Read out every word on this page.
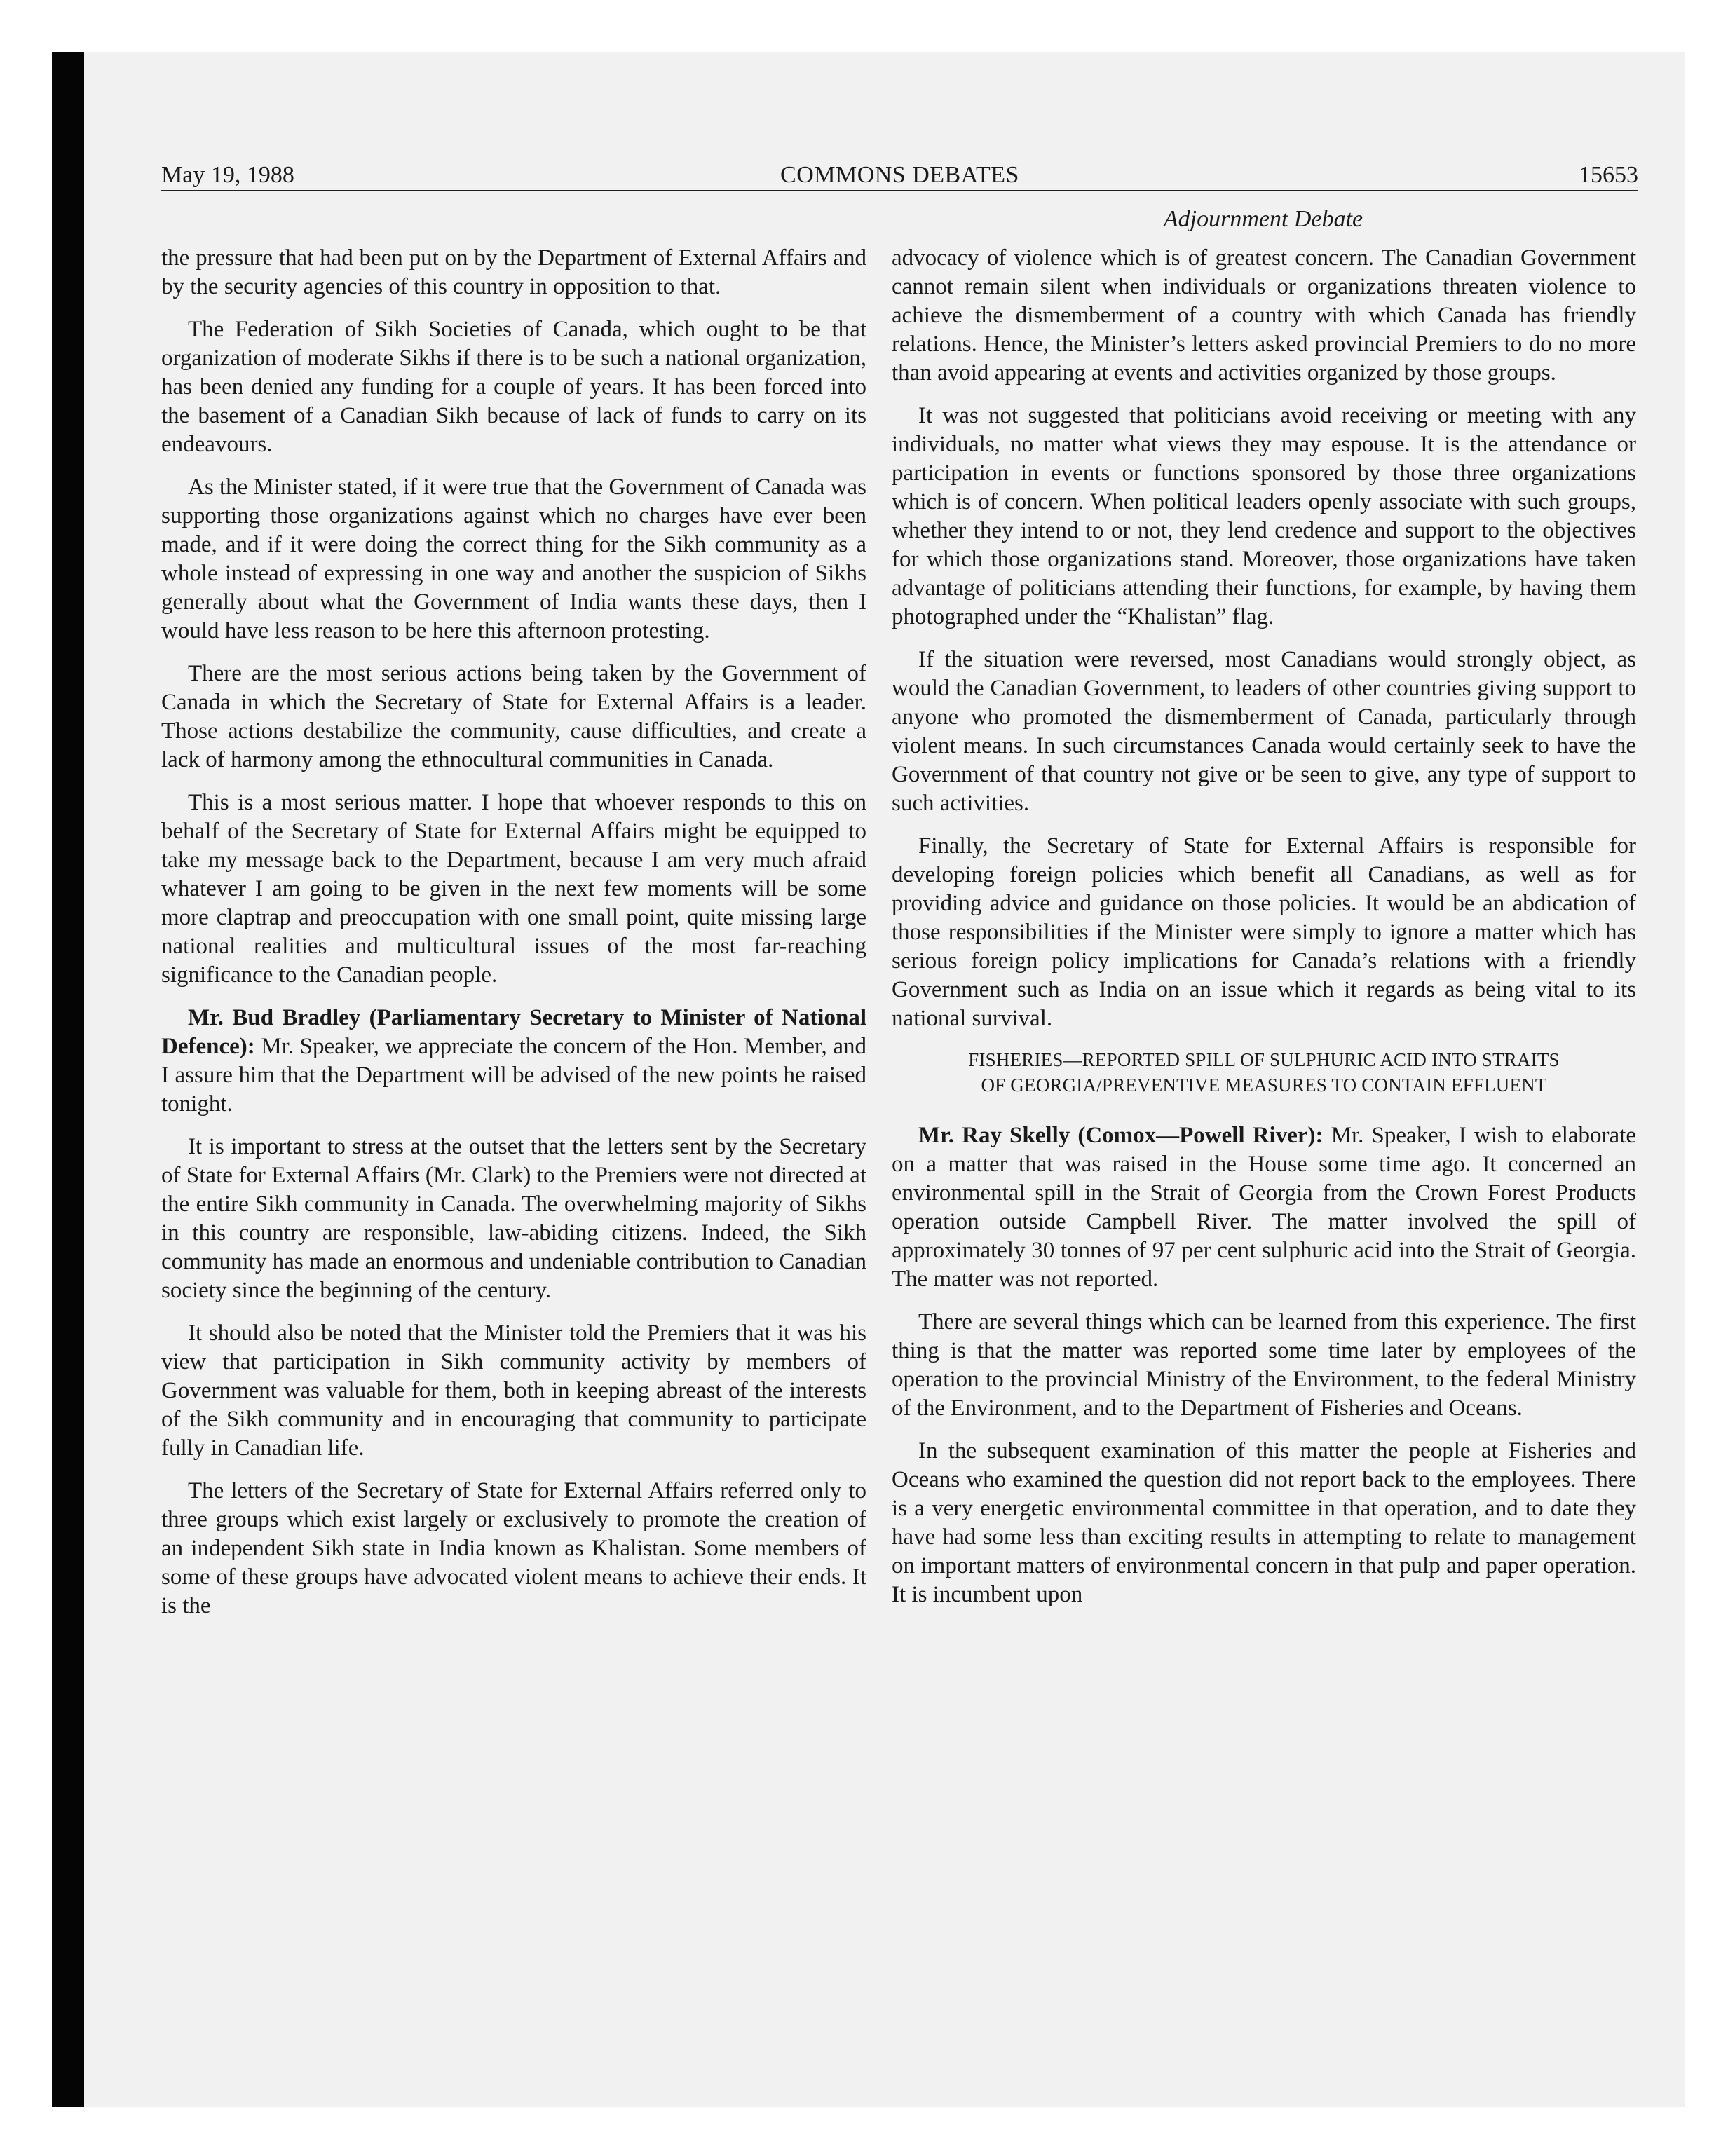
COMMONS DEBATES
May 19, 1988	15653
Adjournment Debate

the pressure that had been put on by the Department of External Affairs and by the security agencies of this country in opposition to that.

The Federation of Sikh Societies of Canada, which ought to be that organization of moderate Sikhs if there is to be such a national organization, has been denied any funding for a couple of years. It has been forced into the basement of a Canadian Sikh because of lack of funds to carry on its endeavours.

As the Minister stated, if it were true that the Government of Canada was supporting those organizations against which no charges have ever been made, and if it were doing the correct thing for the Sikh community as a whole instead of expressing in one way and another the suspicion of Sikhs generally about what the Government of India wants these days, then I would have less reason to be here this afternoon protesting.

There are the most serious actions being taken by the Government of Canada in which the Secretary of State for External Affairs is a leader. Those actions destabilize the community, cause difficulties, and create a lack of harmony among the ethnocultural communities in Canada.

This is a most serious matter. I hope that whoever responds to this on behalf of the Secretary of State for External Affairs might be equipped to take my message back to the Department, because I am very much afraid whatever I am going to be given in the next few moments will be some more claptrap and preoccupation with one small point, quite missing large national realities and multicultural issues of the most far-reaching significance to the Canadian people.

Mr. Bud Bradley (Parliamentary Secretary to Minister of National Defence): Mr. Speaker, we appreciate the concern of the Hon. Member, and I assure him that the Department will be advised of the new points he raised tonight.

It is important to stress at the outset that the letters sent by the Secretary of State for External Affairs (Mr. Clark) to the Premiers were not directed at the entire Sikh community in Canada. The overwhelming majority of Sikhs in this country are responsible, law-abiding citizens. Indeed, the Sikh community has made an enormous and undeniable contribution to Canadian society since the beginning of the century.

It should also be noted that the Minister told the Premiers that it was his view that participation in Sikh community activity by members of Government was valuable for them, both in keeping abreast of the interests of the Sikh community and in encouraging that community to participate fully in Canadian life.

The letters of the Secretary of State for External Affairs referred only to three groups which exist largely or exclusively to promote the creation of an independent Sikh state in India known as Khalistan. Some members of some of these groups have advocated violent means to achieve their ends. It is the

advocacy of violence which is of greatest concern. The Canadian Government cannot remain silent when individuals or organizations threaten violence to achieve the dismemberment of a country with which Canada has friendly relations. Hence, the Minister’s letters asked provincial Premiers to do no more than avoid appearing at events and activities organized by those groups.

It was not suggested that politicians avoid receiving or meeting with any individuals, no matter what views they may espouse. It is the attendance or participation in events or functions sponsored by those three organizations which is of concern. When political leaders openly associate with such groups, whether they intend to or not, they lend credence and support to the objectives for which those organizations stand. Moreover, those organizations have taken advantage of politicians attending their functions, for example, by having them photographed under the “Khalistan” flag.

If the situation were reversed, most Canadians would strongly object, as would the Canadian Government, to leaders of other countries giving support to anyone who promoted the dismemberment of Canada, particularly through violent means. In such circumstances Canada would certainly seek to have the Government of that country not give or be seen to give, any type of support to such activities.

Finally, the Secretary of State for External Affairs is responsible for developing foreign policies which benefit all Canadians, as well as for providing advice and guidance on those policies. It would be an abdication of those responsibilities if the Minister were simply to ignore a matter which has serious foreign policy implications for Canada’s relations with a friendly Government such as India on an issue which it regards as being vital to its national survival.

FISHERIES—REPORTED SPILL OF SULPHURIC ACID INTO STRAITS
OF GEORGIA/PREVENTIVE MEASURES TO CONTAIN EFFLUENT

Mr. Ray Skelly (Comox—Powell River): Mr. Speaker, I wish to elaborate on a matter that was raised in the House some time ago. It concerned an environmental spill in the Strait of Georgia from the Crown Forest Products operation outside Campbell River. The matter involved the spill of approximately 30 tonnes of 97 per cent sulphuric acid into the Strait of Georgia. The matter was not reported.

There are several things which can be learned from this experience. The first thing is that the matter was reported some time later by employees of the operation to the provincial Ministry of the Environment, to the federal Ministry of the Environment, and to the Department of Fisheries and Oceans.

In the subsequent examination of this matter the people at Fisheries and Oceans who examined the question did not report back to the employees. There is a very energetic environmental committee in that operation, and to date they have had some less than exciting results in attempting to relate to management on important matters of environmental concern in that pulp and paper operation. It is incumbent upon
